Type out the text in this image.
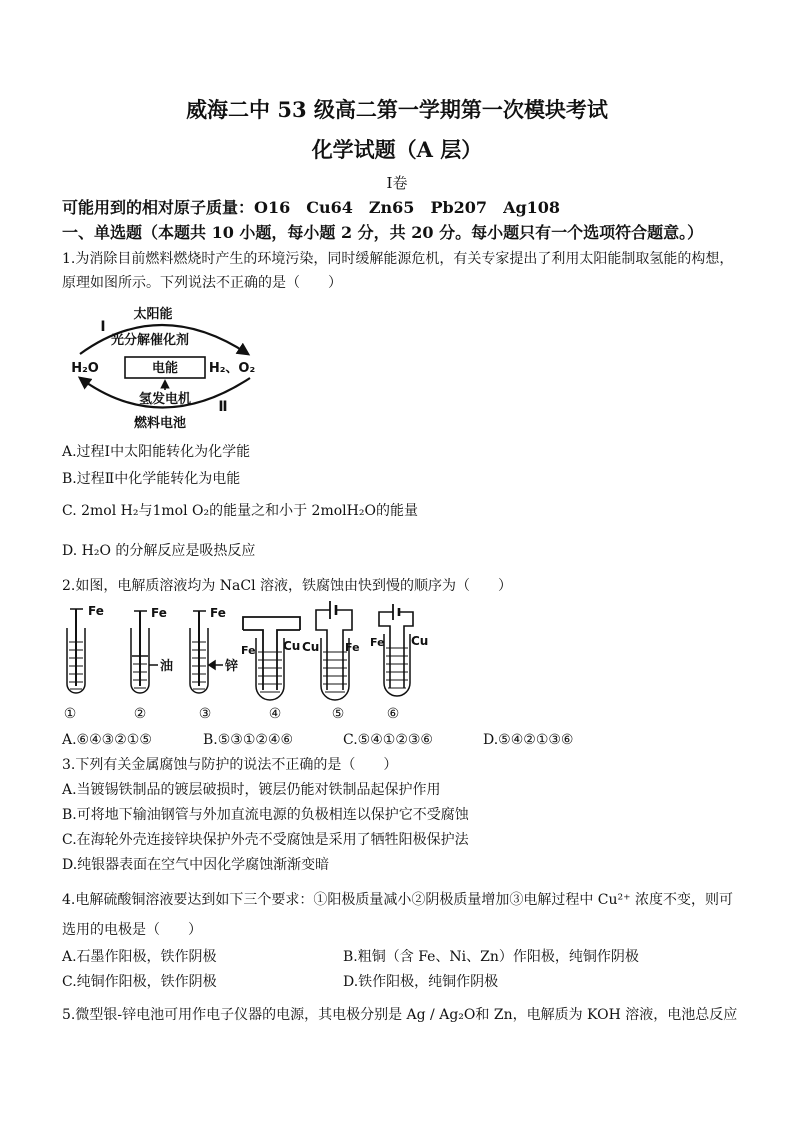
威海二中 53 级高二第一学期第一次模块考试
化学试题（A 层）
Ⅰ卷
可能用到的相对原子质量：O16 Cu64 Zn65 Pb207 Ag108
一、单选题（本题共 10 小题，每小题 2 分，共 20 分。每小题只有一个选项符合题意。）
1.为消除目前燃料燃烧时产生的环境污染，同时缓解能源危机，有关专家提出了利用太阳能制取氢能的构想，
原理如图所示。下列说法不正确的是（　　）
Ⅰ
太阳能
光分解催化剂
H₂O	电能 H₂、O₂
氢发电机 Ⅱ
燃料电池
A.过程Ⅰ中太阳能转化为化学能
B.过程Ⅱ中化学能转化为电能
C. 2mol H₂与1mol O₂的能量之和小于 2molH₂O的能量
D. H₂O 的分解反应是吸热反应
2.如图，电解质溶液均为 NaCl 溶液，铁腐蚀由快到慢的顺序为（　　）
Fe	Fe
油
Fe
锌
Fe Cu Cu Fe Fe Cu
①	②	③	④	⑤	⑥
A.⑥④③②①⑤	B.⑤③①②④⑥	C.⑤④①②③⑥	D.⑤④②①③⑥
3.下列有关金属腐蚀与防护的说法不正确的是（　　）
A.当镀锡铁制品的镀层破损时，镀层仍能对铁制品起保护作用
B.可将地下输油钢管与外加直流电源的负极相连以保护它不受腐蚀
C.在海轮外壳连接锌块保护外壳不受腐蚀是采用了牺牲阳极保护法
D.纯银器表面在空气中因化学腐蚀渐渐变暗
4.电解硫酸铜溶液要达到如下三个要求：①阳极质量减小②阴极质量增加③电解过程中 Cu²⁺ 浓度不变，则可
选用的电极是（　　）
A.石墨作阳极，铁作阴极	B.粗铜（含 Fe、Ni、Zn）作阳极，纯铜作阴极
C.纯铜作阳极，铁作阴极	D.铁作阳极，纯铜作阴极
5.微型银-锌电池可用作电子仪器的电源，其电极分别是 Ag / Ag₂O和 Zn，电解质为 KOH 溶液，电池总反应
